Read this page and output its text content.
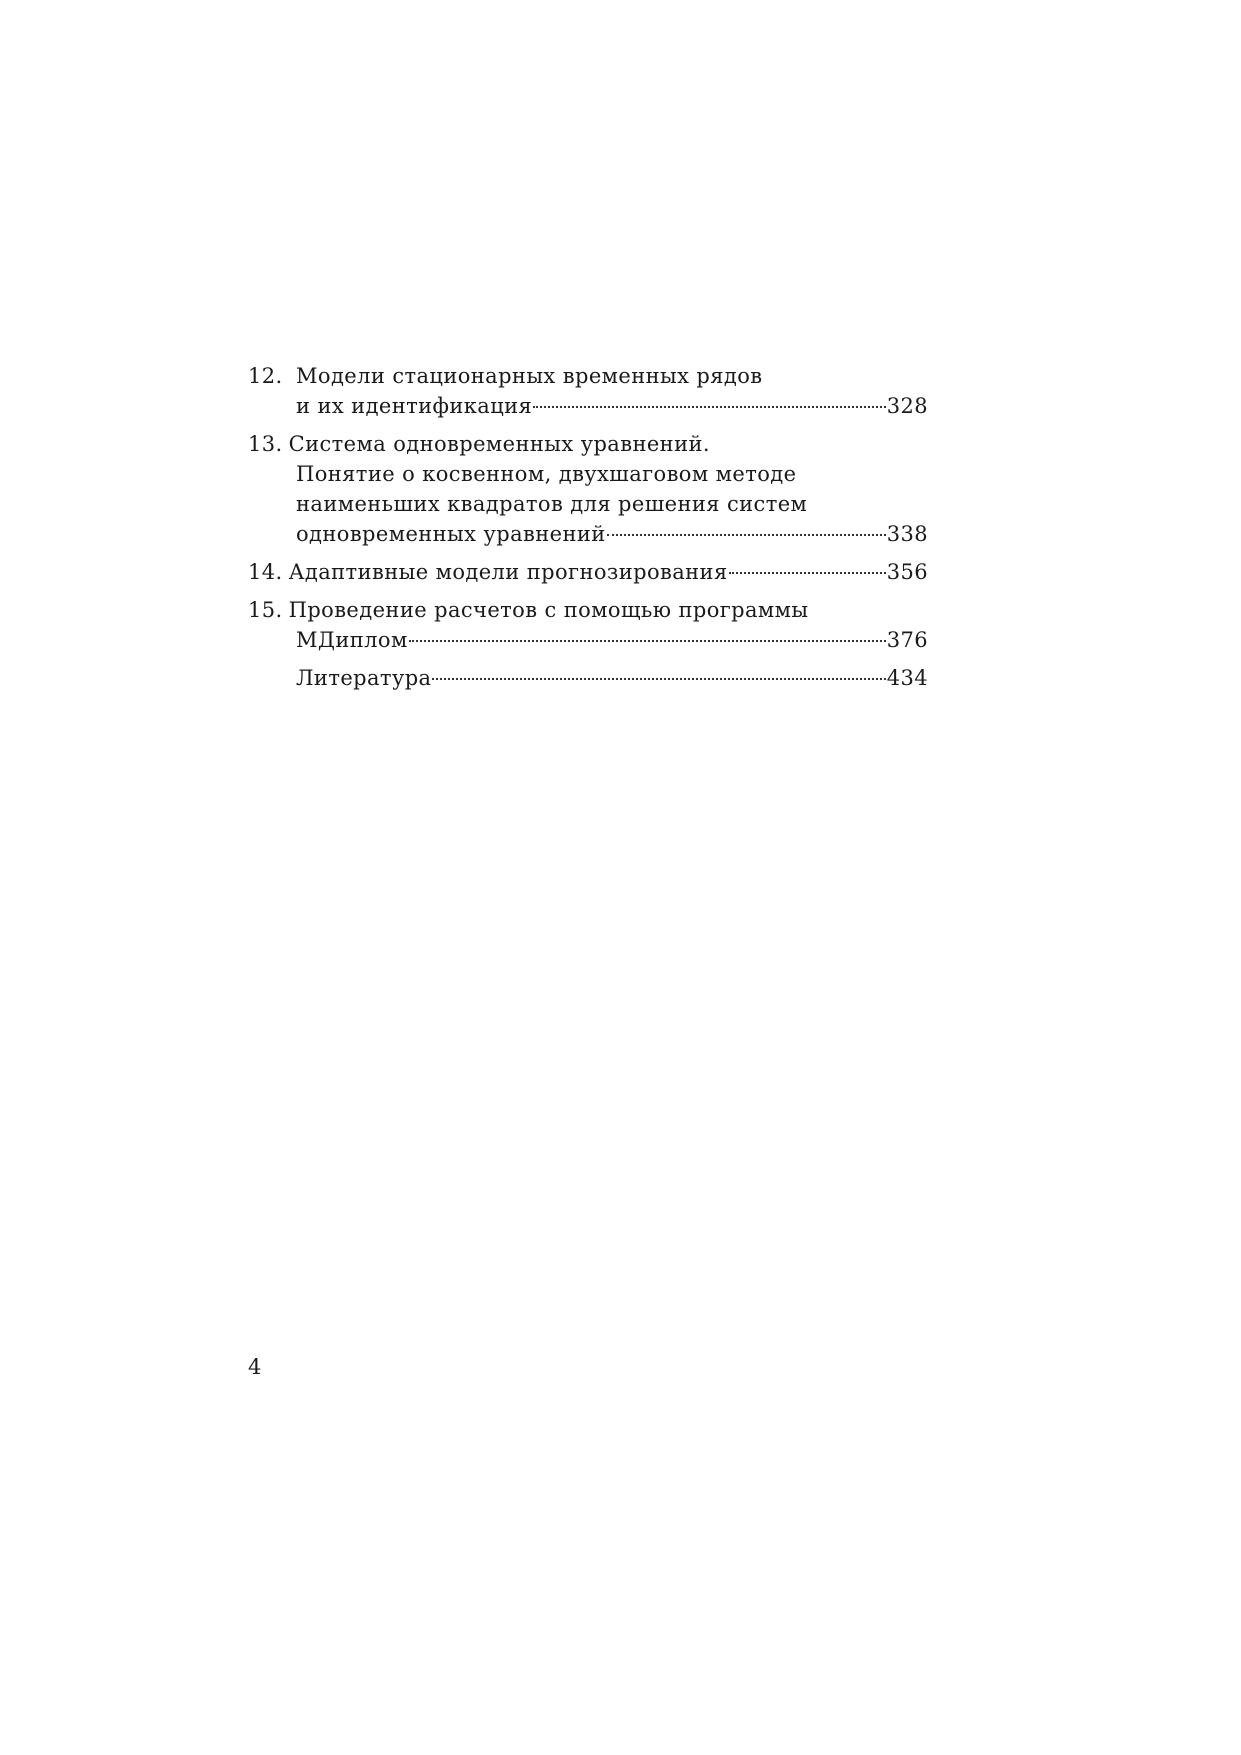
12. Модели стационарных временных рядов
и их идентификация	328
13. Система одновременных уравнений.
Понятие о косвенном, двухшаговом методе
наименьших квадратов для решения систем
одновременных уравнений	338
14. Адаптивные модели прогнозирования	356
15. Проведение расчетов с помощью программы
МДиплом	376
Литература	434
4
